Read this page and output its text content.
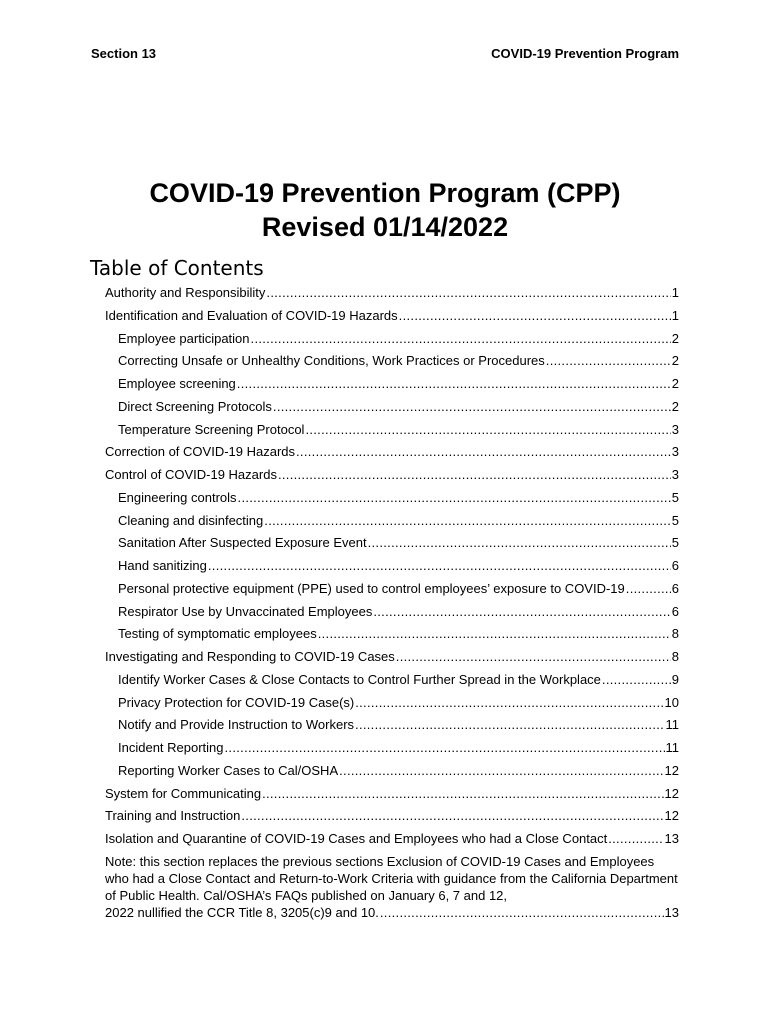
Section 13	COVID-19 Prevention Program
COVID-19 Prevention Program (CPP)
Revised 01/14/2022
Table of Contents
Authority and Responsibility .....	1
Identification and Evaluation of COVID-19 Hazards .....	1
Employee participation .....	2
Correcting Unsafe or Unhealthy Conditions, Work Practices or Procedures .....	2
Employee screening .....	2
Direct Screening Protocols .....	2
Temperature Screening Protocol .....	3
Correction of COVID-19 Hazards .....	3
Control of COVID-19 Hazards .....	3
Engineering controls .....	5
Cleaning and disinfecting .....	5
Sanitation After Suspected Exposure Event .....	5
Hand sanitizing .....	6
Personal protective equipment (PPE) used to control employees’ exposure to COVID-19 .....	6
Respirator Use by Unvaccinated Employees .....	6
Testing of symptomatic employees .....	8
Investigating and Responding to COVID-19 Cases .....	8
Identify Worker Cases & Close Contacts to Control Further Spread in the Workplace .....	9
Privacy Protection for COVID-19 Case(s) .....	10
Notify and Provide Instruction to Workers .....	11
Incident Reporting .....	11
Reporting Worker Cases to Cal/OSHA .....	12
System for Communicating .....	12
Training and Instruction .....	12
Isolation and Quarantine of COVID-19 Cases and Employees who had a Close Contact .....	13
Note: this section replaces the previous sections Exclusion of COVID-19 Cases and Employees who had a Close Contact and Return-to-Work Criteria with guidance from the California Department of Public Health. Cal/OSHA’s FAQs published on January 6, 7 and 12,
2022 nullified the CCR Title 8, 3205(c)9 and 10. .....	13
